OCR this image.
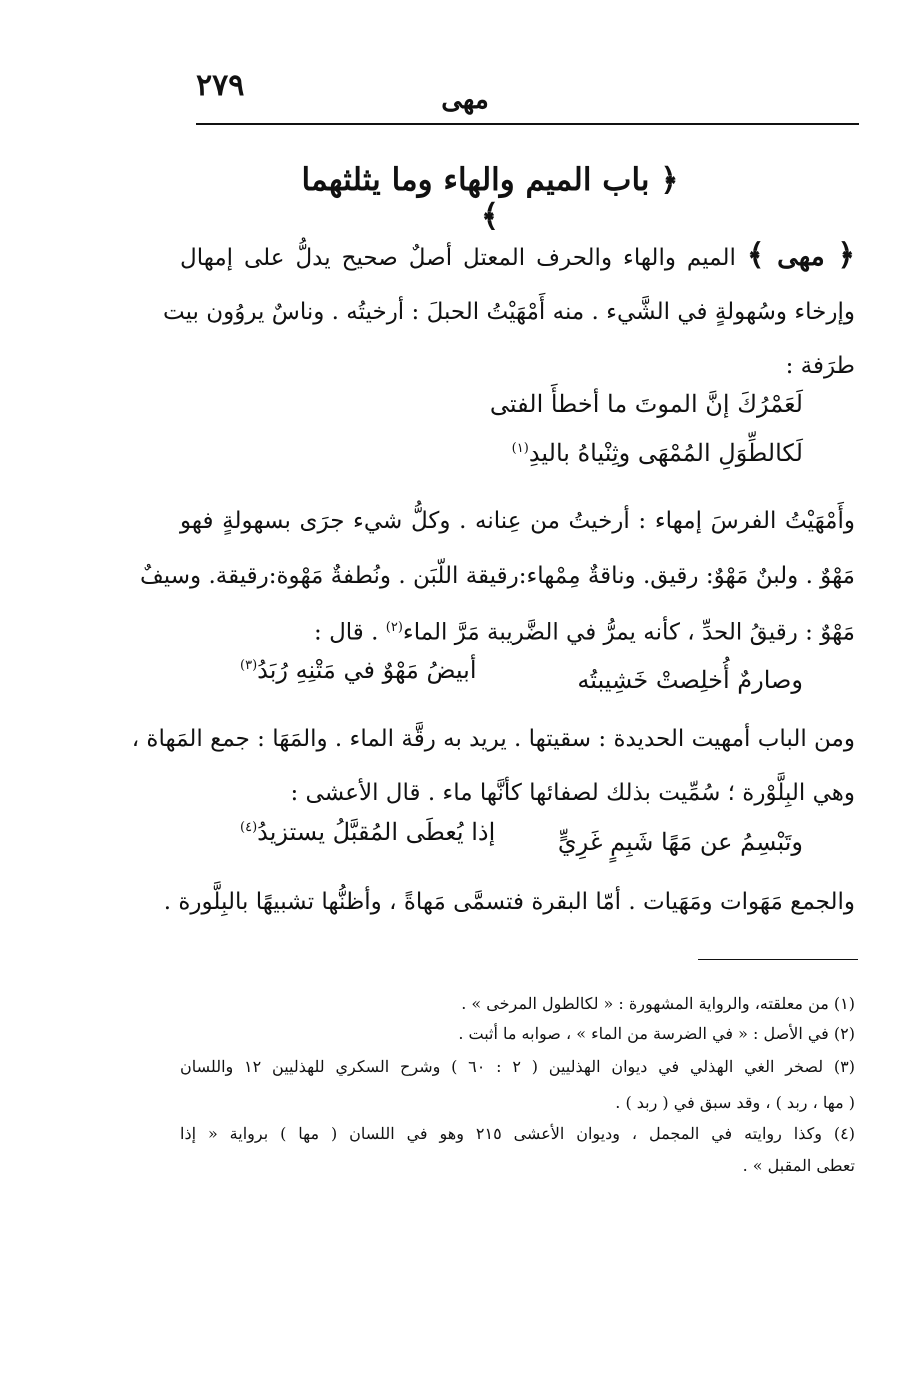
٢٧٩	مهى
﴿ باب الميم والهاء وما يثلثهما ﴾
﴿ مهى ﴾ الميم والهاء والحرف المعتل أصلٌ صحيح يدلُّ على إمهال
وإرخاء وسُهولةٍ في الشَّيء . منه أَمْهَيْتُ الحبلَ : أرخيتُه . وناسٌ يروُون بيت
طرَفة :
لَعَمْرُكَ إنَّ الموتَ ما أخطأَ الفتى
لَكالطِّوَلِ المُمْهَى وثِنْياهُ باليدِ$^{(١)}$
وأَمْهَيْتُ الفرسَ إمهاء : أرخيتُ من عِنانه . وكلُّ شيء جرَى بسهولةٍ فهو
مَهْوٌ . ولبنٌ مَهْوٌ: رقيق. وناقةٌ مِمْهاء:رقيقة اللّبَن . ونُطفةٌ مَهْوة:رقيقة. وسيفٌ
مَهْوٌ : رقيقُ الحدِّ ، كأنه يمرُّ في الضَّريبة مَرَّ الماء$^{(٢)}$ . قال :
وصارمٌ أُخلِصتْ خَشِيبتُه
أبيضُ مَهْوٌ في مَتْنِهِ رُبَدُ$^{(٣)}$
ومن الباب أمهيت الحديدة : سقيتها . يريد به رقَّة الماء . والمَهَا : جمع المَهاة ،
وهي البِلَّوْرة ؛ سُمِّيت بذلك لصفائها كأنَّها ماء . قال الأعشى :
وتَبْسِمُ عن مَهًا شَبِمٍ غَرِيٍّ
إذا يُعطَى المُقبَّلُ يستزيدُ$^{(٤)}$
والجمع مَهَوات ومَهَيات . أمّا البقرة فتسمَّى مَهاةً ، وأظنُّها تشبيهًا بالبِلَّورة .
(١) من معلقته، والرواية المشهورة : « لكالطول المرخى » .
(٢) في الأصل : « في الضرسة من الماء » ، صوابه ما أثبت .
(٣) لصخر الغي الهذلي في ديوان الهذليين ( ٢ : ٦٠ ) وشرح السكري للهذليين ١٢ واللسان
( مها ، ربد ) ، وقد سبق في ( ربد ) .
(٤) وكذا روايته في المجمل ، وديوان الأعشى ٢١٥ وهو في اللسان ( مها ) برواية « إذا
تعطى المقبل » .
